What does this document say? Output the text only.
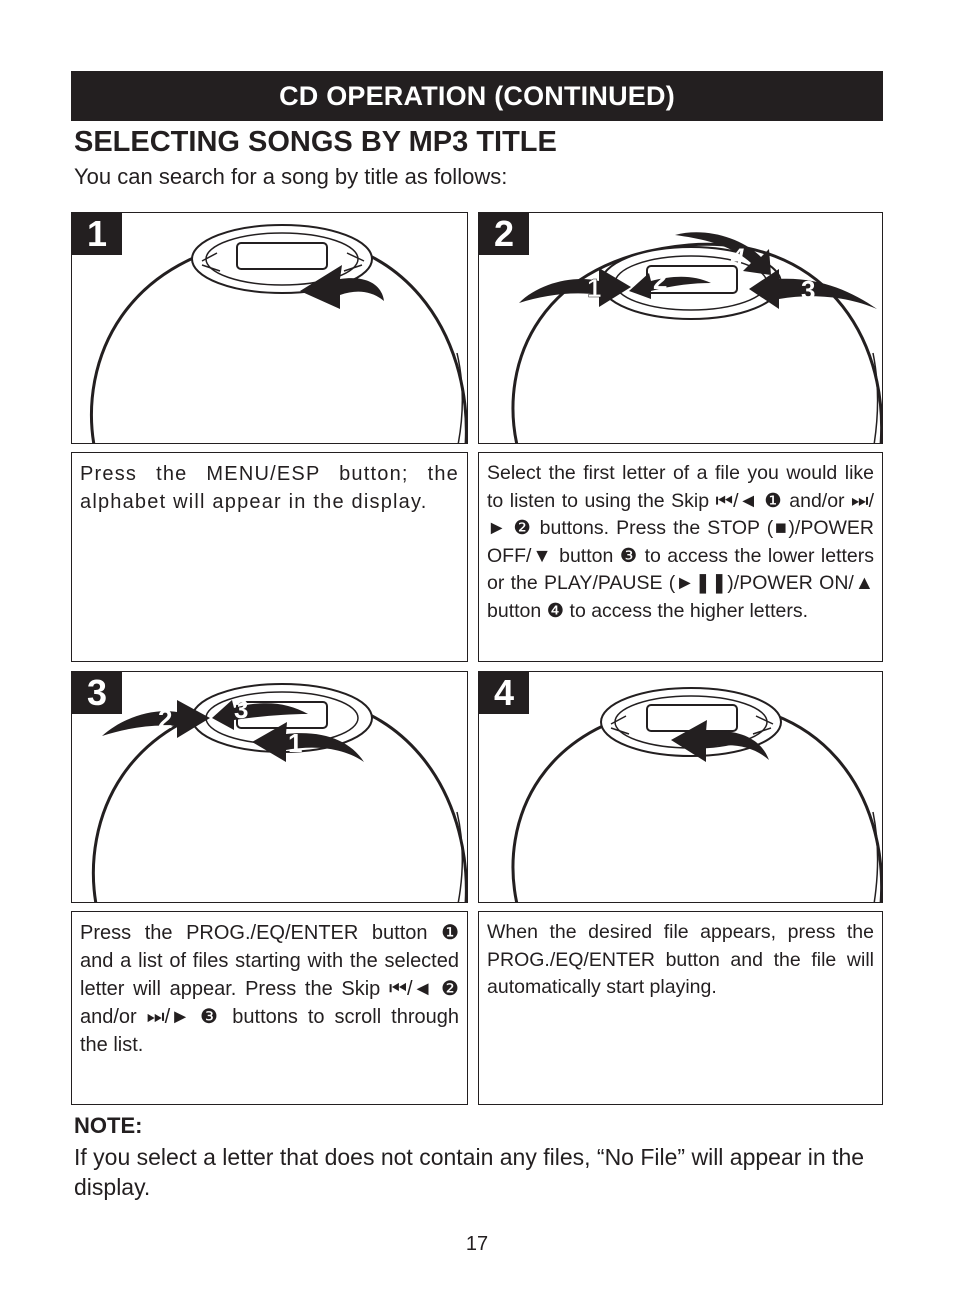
CD OPERATION (CONTINUED)
SELECTING SONGS BY MP3 TITLE
You can search for a song by title as follows:
1	2
1 2	3
4
Press the MENU/ESP button; the alphabet will appear in the display.
Select the first letter of a file you would like to listen to using the Skip ⏮/◄ ❶ and/or ⏭/► ❷ buttons. Press the STOP (■)/POWER OFF/▼ button ❸ to access the lower letters or the PLAY/PAUSE (►❚❚)/POWER ON/▲ button ❹ to access the higher letters.
3
2 3
1
4
Press the PROG./EQ/ENTER button ❶ and a list of files starting with the selected letter will appear. Press the Skip ⏮/◄ ❷ and/or ⏭/► ❸ buttons to scroll through the list.
When the desired file appears, press the PROG./EQ/ENTER button and the file will automatically start playing.
NOTE:
If you select a letter that does not contain any files, “No File” will appear in the display.
17
